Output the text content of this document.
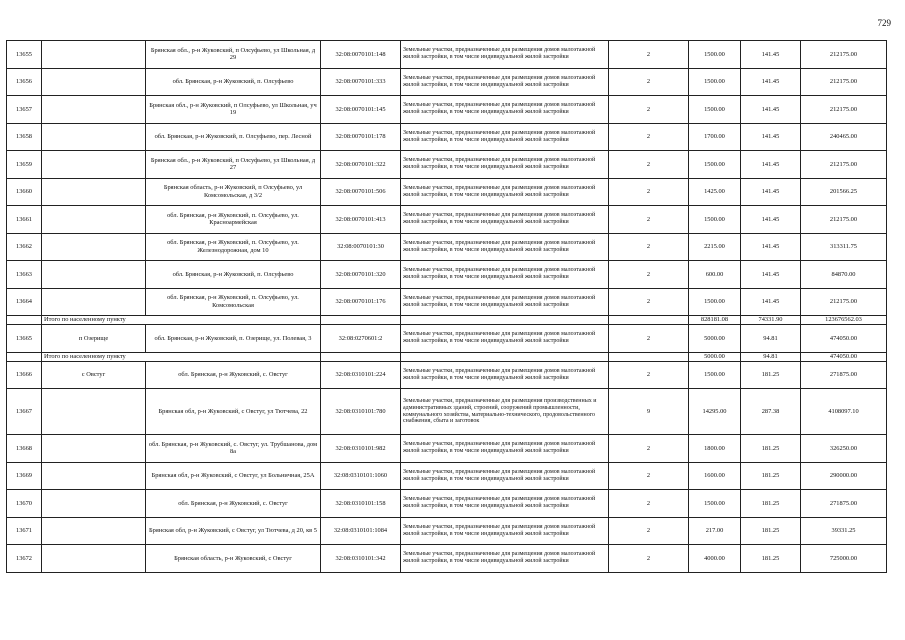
729
13655		Брянская обл., р-н Жуковский, п Олсуфьево, ул Школьная, д 29	32:08:0070101:148	Земельные участки, предназначенные для размещения домов малоэтажной жилой застройки, в том числе индивидуальной жилой застройки	2	1500.00	141.45	212175.00
13656		обл. Брянская, р-н Жуковский, п. Олсуфьево	32:08:0070101:333	Земельные участки, предназначенные для размещения домов малоэтажной жилой застройки, в том числе индивидуальной жилой застройки	2	1500.00	141.45	212175.00
13657		Брянская обл., р-н Жуковский, п Олсуфьево, ул Школьная, уч 19	32:08:0070101:145	Земельные участки, предназначенные для размещения домов малоэтажной жилой застройки, в том числе индивидуальной жилой застройки	2	1500.00	141.45	212175.00
13658		обл. Брянская, р-н Жуковский, п. Олсуфьево, пер. Лесной	32:08:0070101:178	Земельные участки, предназначенные для размещения домов малоэтажной жилой застройки, в том числе индивидуальной жилой застройки	2	1700.00	141.45	240465.00
13659		Брянская обл., р-н Жуковский, п Олсуфьево, ул Школьная, д 27	32:08:0070101:322	Земельные участки, предназначенные для размещения домов малоэтажной жилой застройки, в том числе индивидуальной жилой застройки	2	1500.00	141.45	212175.00
13660		Брянская область, р-н Жуковский, п Олсуфьево, ул Комсомольская, д 3/2	32:08:0070101:506	Земельные участки, предназначенные для размещения домов малоэтажной жилой застройки, в том числе индивидуальной жилой застройки	2	1425.00	141.45	201566.25
13661		обл. Брянская, р-н Жуковский, п. Олсуфьево, ул. Красноармейская	32:08:0070101:413	Земельные участки, предназначенные для размещения домов малоэтажной жилой застройки, в том числе индивидуальной жилой застройки	2	1500.00	141.45	212175.00
13662		обл. Брянская, р-н Жуковский, п. Олсуфьево, ул. Железнодорожная, дом 10	32:08:0070101:30	Земельные участки, предназначенные для размещения домов малоэтажной жилой застройки, в том числе индивидуальной жилой застройки	2	2215.00	141.45	313311.75
13663		обл. Брянская, р-н Жуковский, п. Олсуфьево	32:08:0070101:320	Земельные участки, предназначенные для размещения домов малоэтажной жилой застройки, в том числе индивидуальной жилой застройки	2	600.00	141.45	84870.00
13664		обл. Брянская, р-н Жуковский, п. Олсуфьево, ул. Комсомольская	32:08:0070101:176	Земельные участки, предназначенные для размещения домов малоэтажной жилой застройки, в том числе индивидуальной жилой застройки	2	1500.00	141.45	212175.00
	Итого по населенному пункту					828181.08	74331.90	123676562.03
13665	п Озерище	обл. Брянская, р-н Жуковский, п. Озерище, ул. Полевая, 3	32:08:0270601:2	Земельные участки, предназначенные для размещения домов малоэтажной жилой застройки, в том числе индивидуальной жилой застройки	2	5000.00	94.81	474050.00
	Итого по населенному пункту					5000.00	94.81	474050.00
13666	с Овстуг	обл. Брянская, р-н Жуковский, с. Овстуг	32:08:0310101:224	Земельные участки, предназначенные для размещения домов малоэтажной жилой застройки, в том числе индивидуальной жилой застройки	2	1500.00	181.25	271875.00
13667		Брянская обл, р-н Жуковский, с Овстуг, ул Тютчева, 22	32:08:0310101:780	Земельные участки, предназначенные для размещения производственных и административных зданий, строений, сооружений промышленности, коммунального хозяйства, материально-технического, продовольственного снабжения, сбыта и заготовок	9	14295.00	287.38	4108097.10
13668		обл. Брянская, р-н Жуковский, с. Овстуг, ул. Трубшанова, дом 8а	32:08:0310101:982	Земельные участки, предназначенные для размещения домов малоэтажной жилой застройки, в том числе индивидуальной жилой застройки	2	1800.00	181.25	326250.00
13669		Брянская обл, р-н Жуковский, с Овстуг, ул Больничная, 25А	32:08:0310101:1060	Земельные участки, предназначенные для размещения домов малоэтажной жилой застройки, в том числе индивидуальной жилой застройки	2	1600.00	181.25	290000.00
13670		обл. Брянская, р-н Жуковский, с. Овстуг	32:08:0310101:158	Земельные участки, предназначенные для размещения домов малоэтажной жилой застройки, в том числе индивидуальной жилой застройки	2	1500.00	181.25	271875.00
13671		Брянская обл, р-н Жуковский, с Овстуг, ул Тютчева, д 20, кв 5	32:08:0310101:1084	Земельные участки, предназначенные для размещения домов малоэтажной жилой застройки, в том числе индивидуальной жилой застройки	2	217.00	181.25	39331.25
13672		Брянская область, р-н Жуковский, с Овстуг	32:08:0310101:342	Земельные участки, предназначенные для размещения домов малоэтажной жилой застройки, в том числе индивидуальной жилой застройки	2	4000.00	181.25	725000.00
